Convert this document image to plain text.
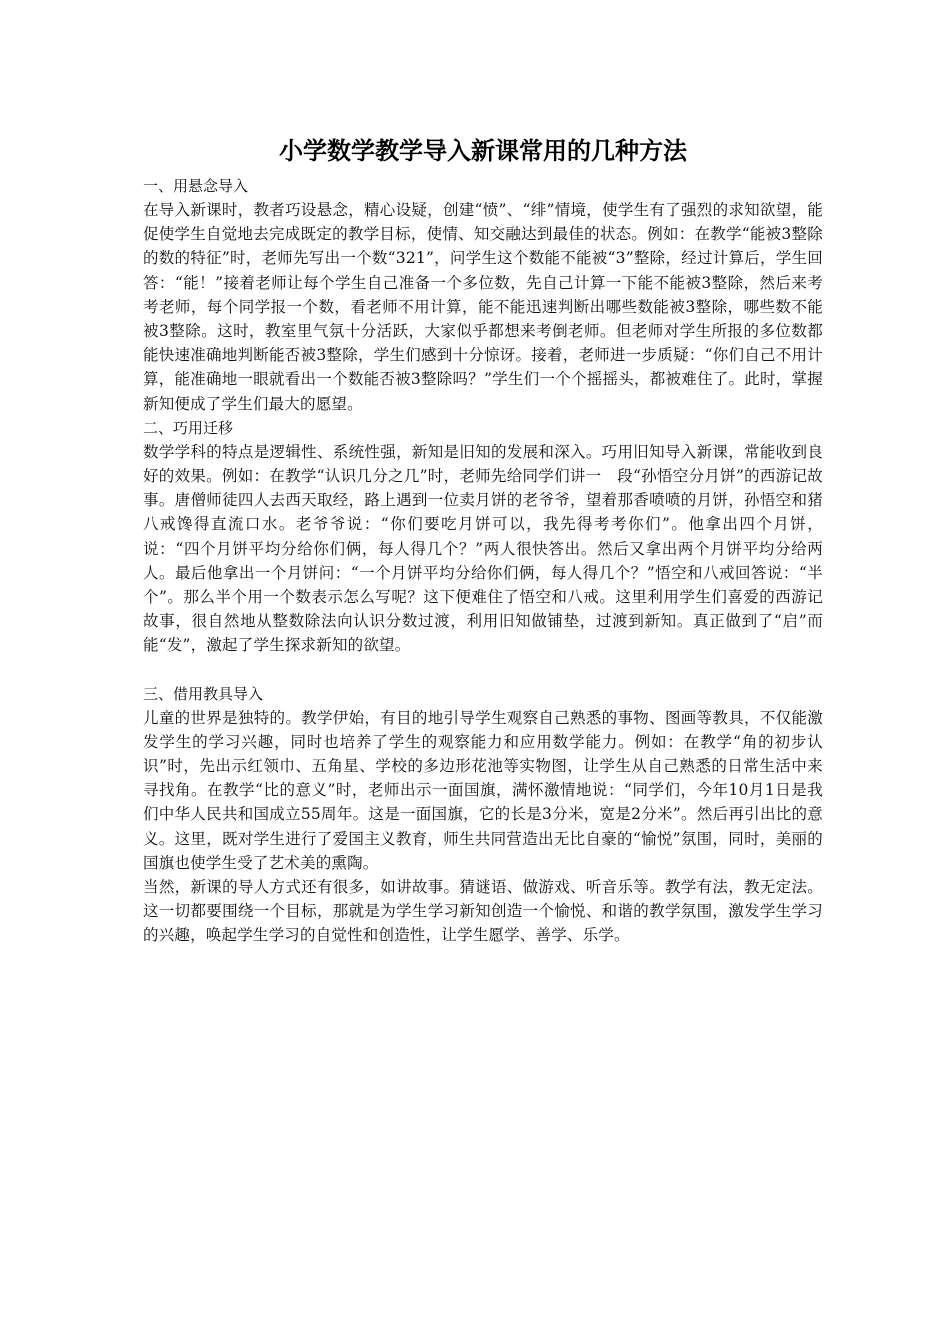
小学数学教学导入新课常用的几种方法

一、用悬念导入

在导入新课时，教者巧设悬念，精心设疑，创建“愤”、“绯”情境，使学生有了强烈的求知欲望，能促使学生自觉地去完成既定的教学目标，使情、知交融达到最佳的状态。例如：在教学“能被3整除的数的特征”时，老师先写出一个数“321”，问学生这个数能不能被“3”整除，经过计算后，学生回答：“能！”接着老师让每个学生自己准备一个多位数，先自己计算一下能不能被3整除，然后来考考老师，每个同学报一个数，看老师不用计算，能不能迅速判断出哪些数能被3整除，哪些数不能被3整除。这时，教室里气氛十分活跃，大家似乎都想来考倒老师。但老师对学生所报的多位数都能快速准确地判断能否被3整除，学生们感到十分惊讶。接着，老师进一步质疑：“你们自己不用计算，能准确地一眼就看出一个数能否被3整除吗？”学生们一个个摇摇头，都被难住了。此时，掌握新知便成了学生们最大的愿望。

二、巧用迁移

数学学科的特点是逻辑性、系统性强，新知是旧知的发展和深入。巧用旧知导入新课，常能收到良好的效果。例如：在教学“认识几分之几”时，老师先给同学们讲一　段“孙悟空分月饼”的西游记故事。唐僧师徒四人去西天取经，路上遇到一位卖月饼的老爷爷，望着那香喷喷的月饼，孙悟空和猪八戒馋得直流口水。老爷爷说：“你们要吃月饼可以，我先得考考你们”。他拿出四个月饼，说：“四个月饼平均分给你们俩，每人得几个？”两人很快答出。然后又拿出两个月饼平均分给两人。最后他拿出一个月饼问：“一个月饼平均分给你们俩，每人得几个？”悟空和八戒回答说：“半个”。那么半个用一个数表示怎么写呢？这下便难住了悟空和八戒。这里利用学生们喜爱的西游记故事，很自然地从整数除法向认识分数过渡，利用旧知做铺垫，过渡到新知。真正做到了“启”而能“发”，激起了学生探求新知的欲望。

三、借用教具导入

儿童的世界是独特的。教学伊始，有目的地引导学生观察自己熟悉的事物、图画等教具，不仅能激发学生的学习兴趣，同时也培养了学生的观察能力和应用数学能力。例如：在教学“角的初步认识”时，先出示红领巾、五角星、学校的多边形花池等实物图，让学生从自己熟悉的日常生活中来寻找角。在教学“比的意义”时，老师出示一面国旗，满怀激情地说：“同学们，今年10月1日是我们中华人民共和国成立55周年。这是一面国旗，它的长是3分米，宽是2分米”。然后再引出比的意义。这里，既对学生进行了爱国主义教育，师生共同营造出无比自豪的“愉悦”氛围，同时，美丽的国旗也使学生受了艺术美的熏陶。

当然，新课的导人方式还有很多，如讲故事。猜谜语、做游戏、听音乐等。教学有法，教无定法。这一切都要围绕一个目标，那就是为学生学习新知创造一个愉悦、和谐的教学氛围，激发学生学习的兴趣，唤起学生学习的自觉性和创造性，让学生愿学、善学、乐学。
